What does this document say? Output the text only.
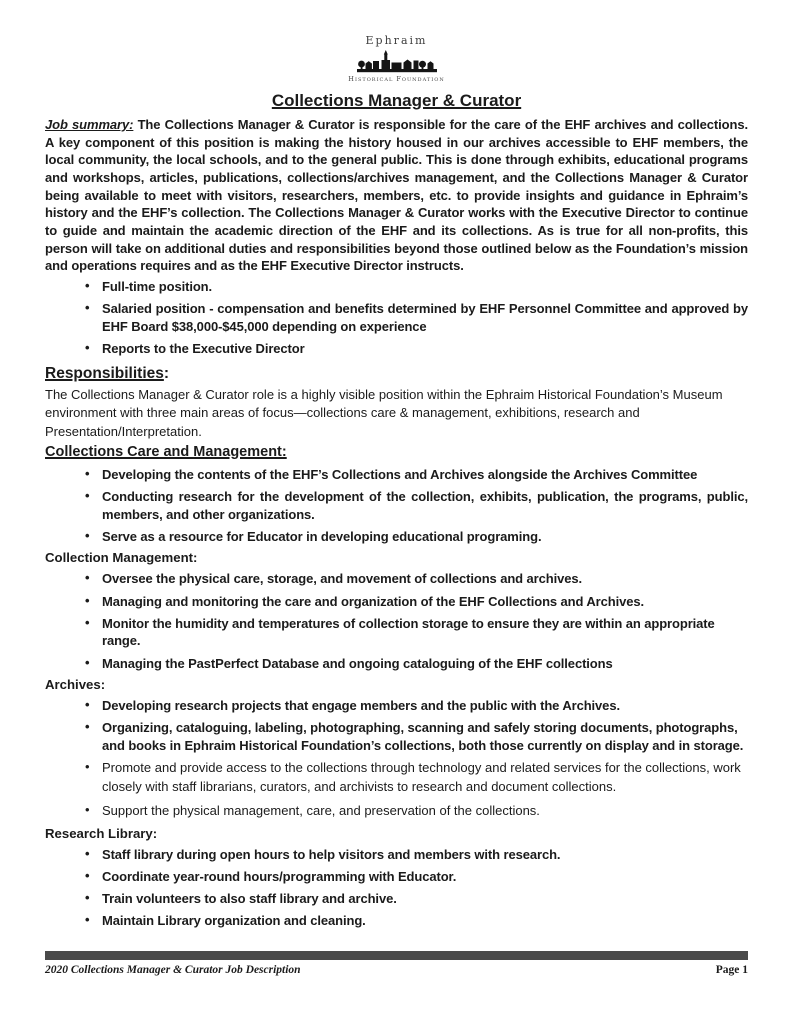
Ephraim
Historical Foundation
Collections Manager & Curator

Job summary: The Collections Manager & Curator is responsible for the care of the EHF archives and collections. A key component of this position is making the history housed in our archives accessible to EHF members, the local community, the local schools, and to the general public. This is done through exhibits, educational programs and workshops, articles, publications, collections/archives management, and the Collections Manager & Curator being available to meet with visitors, researchers, members, etc. to provide insights and guidance in Ephraim’s history and the EHF’s collection. The Collections Manager & Curator works with the Executive Director to continue to guide and maintain the academic direction of the EHF and its collections. As is true for all non-profits, this person will take on additional duties and responsibilities beyond those outlined below as the Foundation’s mission and operations requires and as the EHF Executive Director instructs.

• Full-time position.
• Salaried position - compensation and benefits determined by EHF Personnel Committee and approved by EHF Board $38,000-$45,000 depending on experience
• Reports to the Executive Director
Responsibilities:

The Collections Manager & Curator role is a highly visible position within the Ephraim Historical Foundation’s Museum environment with three main areas of focus—collections care & management, exhibitions, research and Presentation/Interpretation.

Collections Care and Management:
• Developing the contents of the EHF’s Collections and Archives alongside the Archives Committee
• Conducting research for the development of the collection, exhibits, publication, the programs, public, members, and other organizations.
• Serve as a resource for Educator in developing educational programing.
Collection Management:
• Oversee the physical care, storage, and movement of collections and archives.
• Managing and monitoring the care and organization of the EHF Collections and Archives.
• Monitor the humidity and temperatures of collection storage to ensure they are within an appropriate range.
• Managing the PastPerfect Database and ongoing cataloguing of the EHF collections
Archives:
• Developing research projects that engage members and the public with the Archives.
• Organizing, cataloguing, labeling, photographing, scanning and safely storing documents, photographs, and books in Ephraim Historical Foundation’s collections, both those currently on display and in storage.
• Promote and provide access to the collections through technology and related services for the collections, work closely with staff librarians, curators, and archivists to research and document collections.
• Support the physical management, care, and preservation of the collections.
Research Library:
• Staff library during open hours to help visitors and members with research.
• Coordinate year-round hours/programming with Educator.
• Train volunteers to also staff library and archive.
• Maintain Library organization and cleaning.
2020 Collections Manager & Curator Job Description	Page 1
